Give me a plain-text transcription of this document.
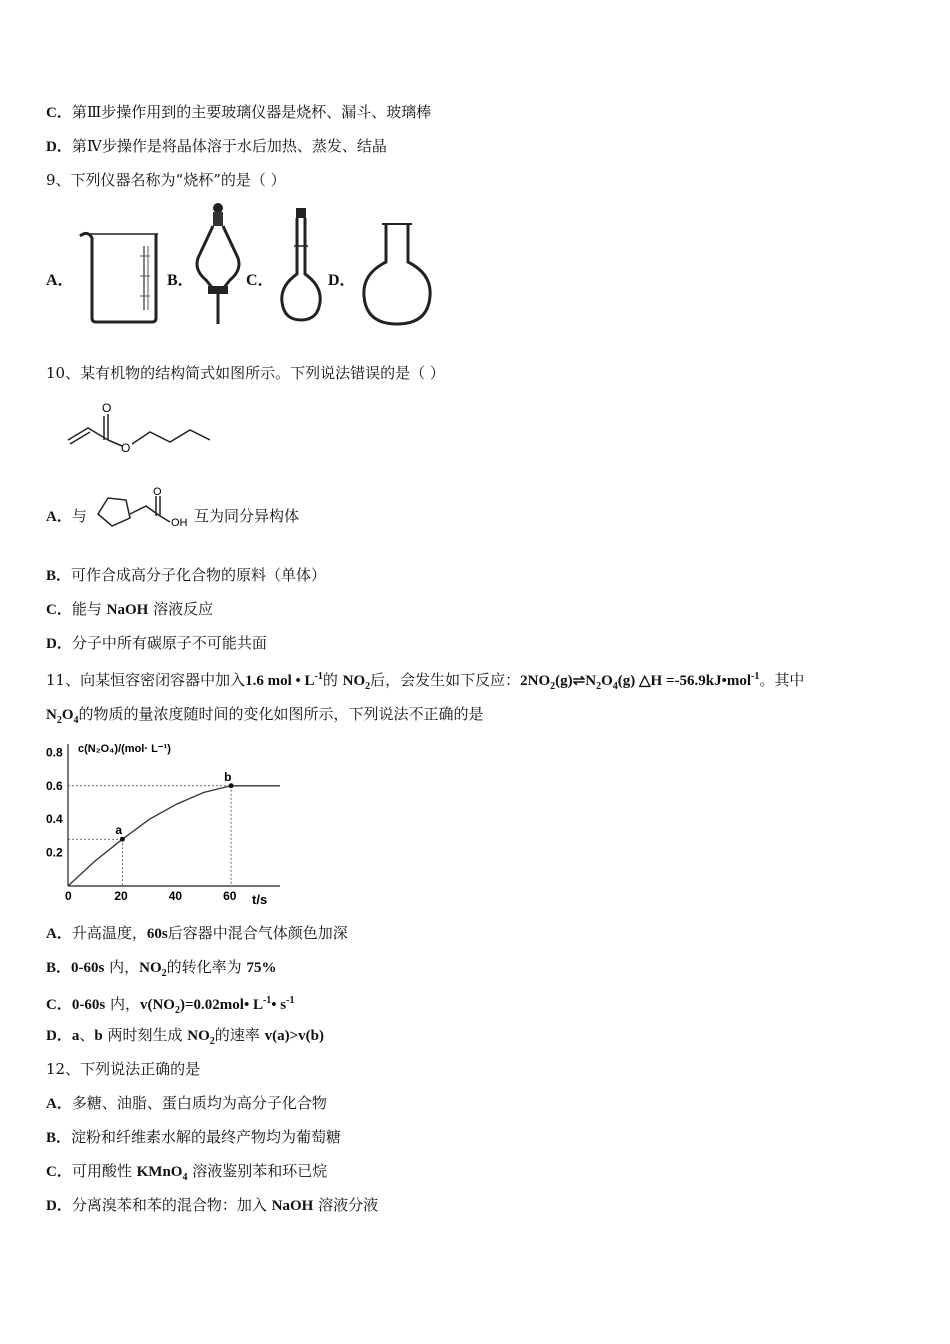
C．第Ⅲ步操作用到的主要玻璃仪器是烧杯、漏斗、玻璃棒
D．第Ⅳ步操作是将晶体溶于水后加热、蒸发、结晶
9、下列仪器名称为“烧杯”的是（ ）
A．	B．	C．	D．
10、某有机物的结构简式如图所示。下列说法错误的是（ ）
O
O
A．与
O
OH 互为同分异构体
B．可作合成高分子化合物的原料（单体）
C．能与 NaOH 溶液反应
D．分子中所有碳原子不可能共面
11、向某恒容密闭容器中加入1.6 mol • $L^{-1}$的 $NO_2$后，会发生如下反应：$2NO_2(g)\rightleftharpoons N_2O_4(g)$ △H =-56.9kJ•mol$^{-1}$。其中
$N_2O_4$的物质的量浓度随时间的变化如图所示，下列说法不正确的是
0	20	40	60
0.2
0.4
0.6
0.8
a
b
c(N₂O₄)/(mol· L⁻¹)
t/s
A．升高温度，60s后容器中混合气体颜色加深
B．0-60s 内，$NO_2$的转化率为 75%
C．0-60s 内，$v(NO_2)=0.02mol•$ $L^{-1}•$ $s^{-1}$
D．a、b 两时刻生成 $NO_2$的速率 v(a)>v(b)
12、下列说法正确的是
A．多糖、油脂、蛋白质均为高分子化合物
B．淀粉和纤维素水解的最终产物均为葡萄糖
C．可用酸性 KMnO$_4$ 溶液鉴别苯和环已烷
D．分离溴苯和苯的混合物：加入 NaOH 溶液分液
